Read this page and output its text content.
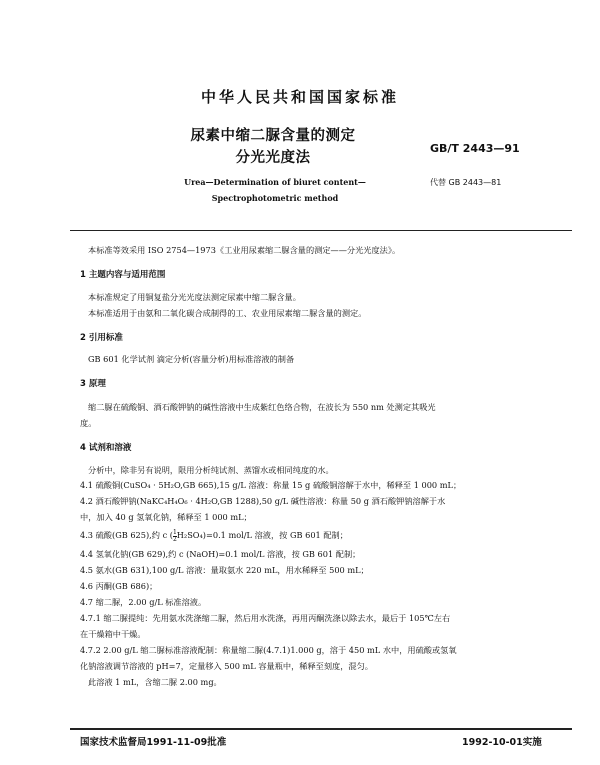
中华人民共和国国家标准
尿素中缩二脲含量的测定
分光光度法
GB/T 2443—91
代替 GB 2443—81
Urea—Determination of biuret content—
Spectrophotometric method
本标准等效采用 ISO 2754—1973《工业用尿素缩二脲含量的测定——分光光度法》。
1 主题内容与适用范围
本标准规定了用铜复盐分光光度法测定尿素中缩二脲含量。
本标准适用于由氨和二氧化碳合成制得的工、农业用尿素缩二脲含量的测定。
2 引用标准
GB 601 化学试剂 滴定分析(容量分析)用标准溶液的制备
3 原理
缩二脲在硫酸铜、酒石酸钾钠的碱性溶液中生成紫红色络合物，在波长为 550 nm 处测定其吸光
度。
4 试剂和溶液
分析中，除非另有说明，限用分析纯试剂、蒸馏水或相同纯度的水。
4.1 硫酸铜(CuSO₄ · 5H₂O,GB 665),15 g/L 溶液：称量 15 g 硫酸铜溶解于水中，稀释至 1 000 mL；
4.2 酒石酸钾钠(NaKC₄H₄O₆ · 4H₂O,GB 1288),50 g/L 碱性溶液：称量 50 g 酒石酸钾钠溶解于水
中，加入 40 g 氢氧化钠，稀释至 1 000 mL；
4.3 硫酸(GB 625),约 c ( $\frac{1}{2} H_2SO_4)=0.1$ mol/L 溶液，按 GB 601 配制；
4.4 氢氧化钠(GB 629),约 c (NaOH)=0.1 mol/L 溶液，按 GB 601 配制；
4.5 氨水(GB 631),100 g/L 溶液：量取氨水 220 mL，用水稀释至 500 mL；
4.6 丙酮(GB 686)；
4.7 缩二脲，2.00 g/L 标准溶液。
4.7.1 缩二脲提纯：先用氨水洗涤缩二脲，然后用水洗涤，再用丙酮洗涤以除去水，最后于 105℃左右
在干燥箱中干燥。
4.7.2 2.00 g/L 缩二脲标准溶液配制：称量缩二脲(4.7.1)1.000 g，溶于 450 mL 水中，用硫酸或氢氧
化钠溶液调节溶液的 pH=7，定量移入 500 mL 容量瓶中，稀释至刻度，混匀。
此溶液 1 mL，含缩二脲 2.00 mg。
国家技术监督局1991-11-09批准	1992-10-01实施
